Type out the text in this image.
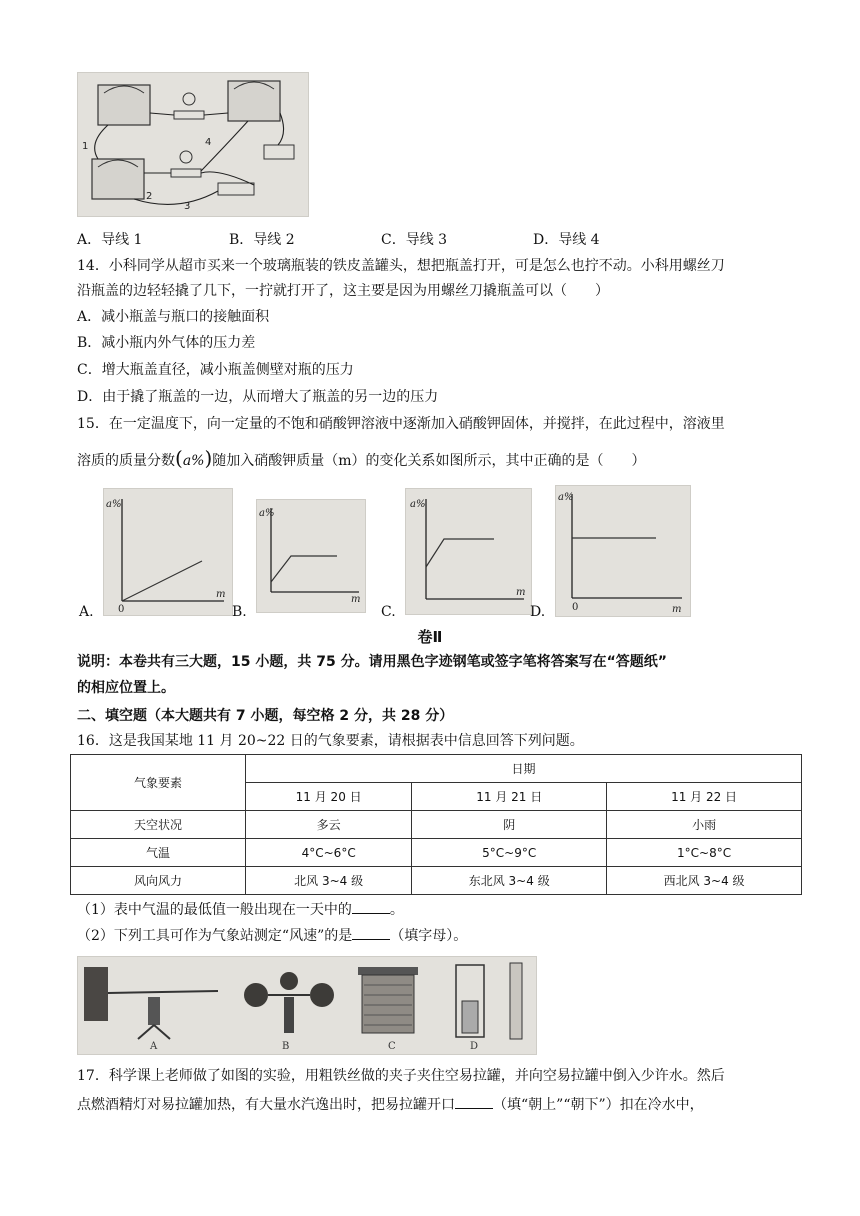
1
2
3
4
A．导线 1	B．导线 2	C．导线 3	D．导线 4
14．小科同学从超市买来一个玻璃瓶装的铁皮盖罐头，想把瓶盖打开，可是怎么也拧不动。小科用螺丝刀
沿瓶盖的边轻轻撬了几下，一拧就打开了，这主要是因为用螺丝刀撬瓶盖可以（　　）
A．减小瓶盖与瓶口的接触面积
B．减小瓶内外气体的压力差
C．增大瓶盖直径，减小瓶盖侧壁对瓶的压力
D．由于撬了瓶盖的一边，从而增大了瓶盖的另一边的压力
15．在一定温度下，向一定量的不饱和硝酸钾溶液中逐渐加入硝酸钾固体，并搅拌，在此过程中，溶液里
溶质的质量分数(a%)随加入硝酸钾质量（m）的变化关系如图所示，其中正确的是（　　）
a%
m
0
A.
a%
m
B.
a%
m
C.
a%
m
0
D.
卷Ⅱ
说明：本卷共有三大题，15 小题，共 75 分。请用黑色字迹钢笔或签字笔将答案写在“答题纸”
的相应位置上。
二、填空题（本大题共有 7 小题，每空格 2 分，共 28 分）
16．这是我国某地 11 月 20~22 日的气象要素，请根据表中信息回答下列问题。
气象要素	日期		
	11 月 20 日	11 月 21 日	11 月 22 日
天空状况	多云	阴	小雨
气温	4°C~6°C	5°C~9°C	1°C~8°C
风向风力	北风 3~4 级	东北风 3~4 级	西北风 3~4 级
（1）表中气温的最低值一般出现在一天中的	。
（2）下列工具可作为气象站测定“风速”的是	（填字母）。
A	B	C	D
17．科学课上老师做了如图的实验，用粗铁丝做的夹子夹住空易拉罐，并向空易拉罐中倒入少许水。然后
点燃酒精灯对易拉罐加热，有大量水汽逸出时，把易拉罐开口	（填“朝上”“朝下”）扣在冷水中，
